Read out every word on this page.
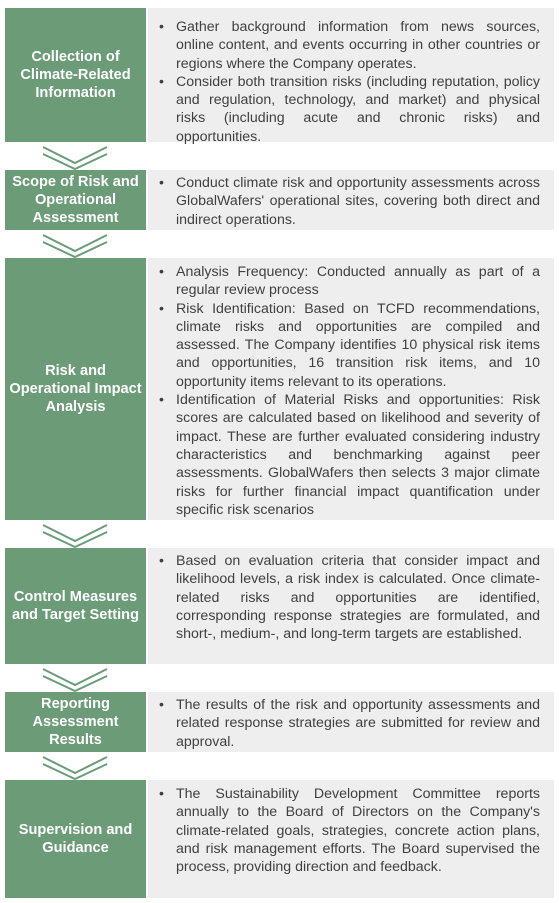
Collection of Climate-Related Information
• Gather background information from news sources, online content, and events occurring in other countries or regions where the Company operates.
• Consider both transition risks (including reputation, policy and regulation, technology, and market) and physical risks (including acute and chronic risks) and opportunities.
Scope of Risk and Operational Assessment
• Conduct climate risk and opportunity assessments across GlobalWafers' operational sites, covering both direct and indirect operations.
Risk and Operational Impact Analysis
• Analysis Frequency: Conducted annually as part of a regular review process
• Risk Identification: Based on TCFD recommendations, climate risks and opportunities are compiled and assessed. The Company identifies 10 physical risk items and opportunities, 16 transition risk items, and 10 opportunity items relevant to its operations.
• Identification of Material Risks and opportunities: Risk scores are calculated based on likelihood and severity of impact. These are further evaluated considering industry characteristics and benchmarking against peer assessments. GlobalWafers then selects 3 major climate risks for further financial impact quantification under specific risk scenarios
Control Measures and Target Setting
• Based on evaluation criteria that consider impact and likelihood levels, a risk index is calculated. Once climate-related risks and opportunities are identified, corresponding response strategies are formulated, and short-, medium-, and long-term targets are established.
Reporting Assessment Results
• The results of the risk and opportunity assessments and related response strategies are submitted for review and approval.
Supervision and Guidance
• The Sustainability Development Committee reports annually to the Board of Directors on the Company's climate-related goals, strategies, concrete action plans, and risk management efforts. The Board supervised the process, providing direction and feedback.
